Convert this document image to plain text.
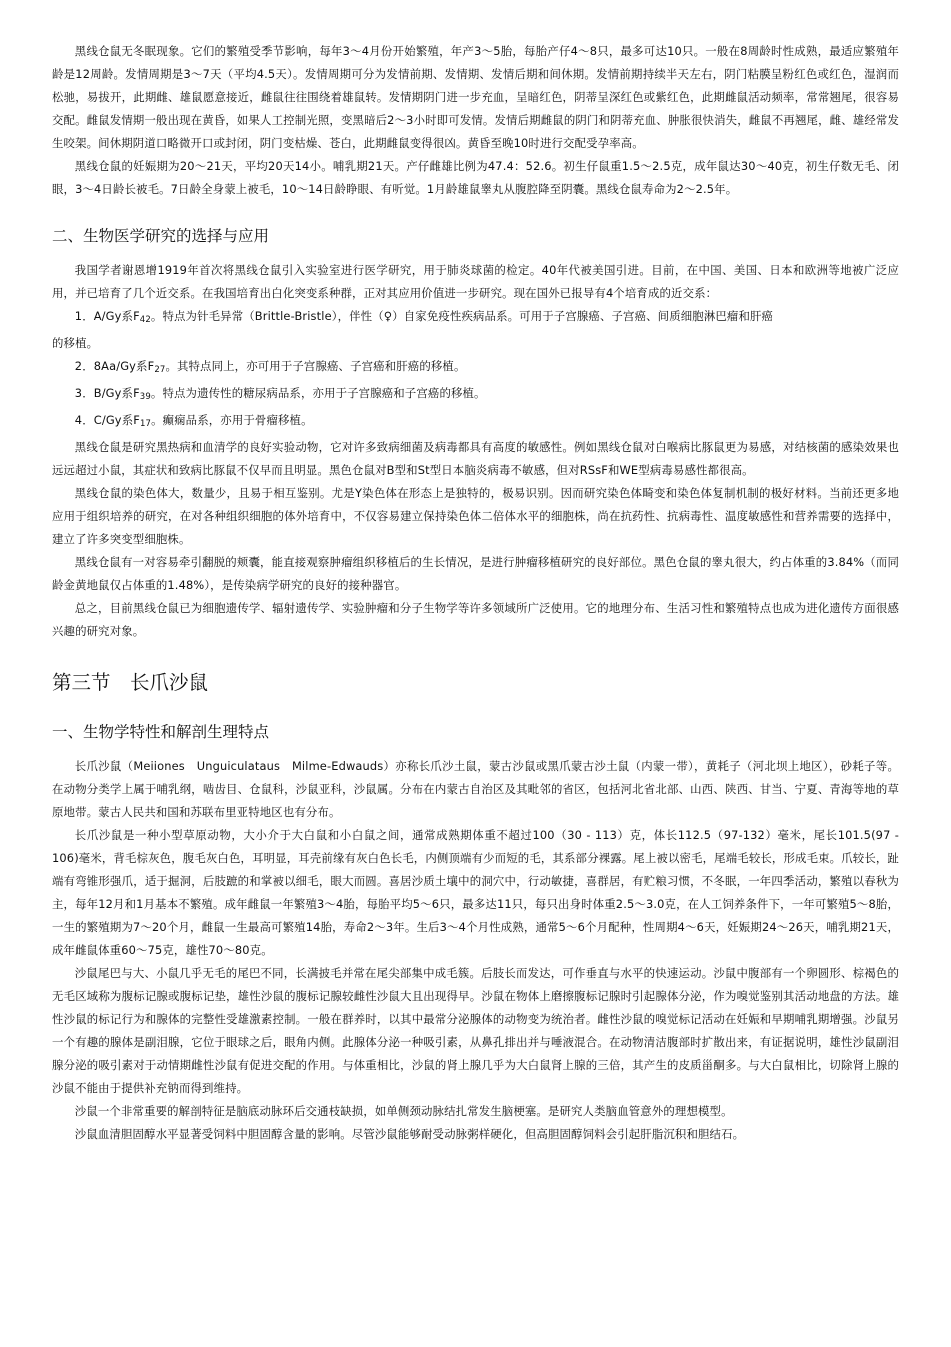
黑线仓鼠无冬眠现象。它们的繁殖受季节影响，每年3～4月份开始繁殖，年产3～5胎，每胎产仔4～8只，最多可达10只。一般在8周龄时性成熟，最适应繁殖年龄是12周龄。发情周期是3～7天（平均4.5天）。发情周期可分为发情前期、发情期、发情后期和间休期。发情前期持续半天左右，阴门粘膜呈粉红色或红色，湿润而松驰，易拔开，此期雌、雄鼠愿意接近，雌鼠往往围绕着雄鼠转。发情期阴门进一步充血，呈暗红色，阴蒂呈深红色或紫红色，此期雌鼠活动频率，常常翘尾，很容易交配。雌鼠发情期一般出现在黄昏，如果人工控制光照，变黑暗后2～3小时即可发情。发情后期雌鼠的阴门和阴蒂充血、肿胀很快消失，雌鼠不再翘尾，雌、雄经常发生咬架。间休期阴道口略微开口或封闭，阴门变枯燥、苍白，此期雌鼠变得很凶。黄昏至晚10时进行交配受孕率高。

黑线仓鼠的妊娠期为20～21天，平均20天14小。哺乳期21天。产仔雌雄比例为47.4：52.6。初生仔鼠重1.5～2.5克，成年鼠达30～40克，初生仔数无毛、闭眼，3～4日龄长被毛。7日龄全身蒙上被毛，10～14日龄睁眼、有听觉。1月龄雄鼠睾丸从腹腔降至阴囊。黑线仓鼠寿命为2～2.5年。

二、生物医学研究的选择与应用

我国学者谢恩增1919年首次将黑线仓鼠引入实验室进行医学研究，用于肺炎球菌的检定。40年代被美国引进。目前，在中国、美国、日本和欧洲等地被广泛应用，并已培育了几个近交系。在我国培育出白化突变系种群，正对其应用价值进一步研究。现在国外已报导有4个培育成的近交系：

1．A/Gy系$F_{42}$。特点为针毛异常（Brittle-Bristle），伴性（♀）自家免疫性疾病品系。可用于子宫腺癌、子宫癌、间质细胞淋巴瘤和肝癌

的移植。

2．8Aa/Gy系$F_{27}$。其特点同上，亦可用于子宫腺癌、子宫癌和肝癌的移植。

3．B/Gy系$F_{39}$。特点为遗传性的糖尿病品系，亦用于子宫腺癌和子宫癌的移植。

4．C/Gy系$F_{17}$。癫痫品系，亦用于骨瘤移植。

黑线仓鼠是研究黑热病和血清学的良好实验动物，它对许多致病细菌及病毒都具有高度的敏感性。例如黑线仓鼠对白喉病比豚鼠更为易感，对结核菌的感染效果也远远超过小鼠，其症状和致病比豚鼠不仅早而且明显。黑色仓鼠对B型和St型日本脑炎病毒不敏感，但对RSsF和WE型病毒易感性都很高。

黑线仓鼠的染色体大，数量少，且易于相互鉴别。尤是Y染色体在形态上是独特的，极易识别。因而研究染色体畸变和染色体复制机制的极好材料。当前还更多地应用于组织培养的研究，在对各种组织细胞的体外培育中，不仅容易建立保持染色体二倍体水平的细胞株，尚在抗药性、抗病毒性、温度敏感性和营养需要的选择中，建立了许多突变型细胞株。

黑线仓鼠有一对容易牵引翻脱的颊囊，能直接观察肿瘤组织移植后的生长情况，是进行肿瘤移植研究的良好部位。黑色仓鼠的睾丸很大，约占体重的3.84%（而同龄金黄地鼠仅占体重的1.48%），是传染病学研究的良好的接种器官。

总之，目前黑线仓鼠已为细胞遗传学、辐射遗传学、实验肿瘤和分子生物学等许多领域所广泛使用。它的地理分布、生活习性和繁殖特点也成为进化遗传方面很感兴趣的研究对象。

第三节　长爪沙鼠
一、生物学特性和解剖生理特点

长爪沙鼠（Meiiones　Unguiculataus　Milme-Edwauds）亦称长爪沙土鼠，蒙古沙鼠或黑爪蒙古沙土鼠（内蒙一带），黄耗子（河北坝上地区），砂耗子等。在动物分类学上属于哺乳纲，啮齿目、仓鼠科，沙鼠亚科，沙鼠属。分布在内蒙古自治区及其毗邻的省区，包括河北省北部、山西、陕西、甘当、宁夏、青海等地的草原地带。蒙古人民共和国和苏联布里亚特地区也有分布。

长爪沙鼠是一种小型草原动物，大小介于大白鼠和小白鼠之间，通常成熟期体重不超过100（30 - 113）克，体长112.5（97-132）毫米，尾长101.5(97 - 106)毫米，背毛棕灰色，腹毛灰白色，耳明显，耳壳前缘有灰白色长毛，内侧顶端有少而短的毛，其系部分裸露。尾上被以密毛，尾端毛较长，形成毛束。爪较长，趾端有弯锥形强爪，适于掘洞，后肢蹠的和掌被以细毛，眼大而圆。喜居沙质土壤中的洞穴中，行动敏捷，喜群居，有贮粮习惯，不冬眠，一年四季活动，繁殖以春秋为主，每年12月和1月基本不繁殖。成年雌鼠一年繁殖3～4胎，每胎平均5～6只，最多达11只，每只出身时体重2.5～3.0克，在人工饲养条件下，一年可繁殖5～8胎，一生的繁殖期为7～20个月，雌鼠一生最高可繁殖14胎，寿命2～3年。生后3～4个月性成熟，通常5～6个月配种，性周期4～6天，妊娠期24～26天，哺乳期21天，成年雌鼠体重60～75克，雄性70～80克。

沙鼠尾巴与大、小鼠几乎无毛的尾巴不同，长满披毛并常在尾尖部集中成毛簇。后肢长而发达，可作垂直与水平的快速运动。沙鼠中腹部有一个卵圆形、棕褐色的无毛区域称为腹标记腺或腹标记垫，雄性沙鼠的腹标记腺较雌性沙鼠大且出现得早。沙鼠在物体上磨擦腹标记腺时引起腺体分泌，作为嗅觉鉴别其活动地盘的方法。雄性沙鼠的标记行为和腺体的完整性受雄激素控制。一般在群养时，以其中最常分泌腺体的动物变为统治者。雌性沙鼠的嗅觉标记活动在妊娠和早期哺乳期增强。沙鼠另一个有趣的腺体是副泪腺，它位于眼球之后，眼角内侧。此腺体分泌一种吸引素，从鼻孔排出并与唾液混合。在动物清洁腹部时扩散出来，有证据说明，雄性沙鼠副泪腺分泌的吸引素对于动情期雌性沙鼠有促进交配的作用。与体重相比，沙鼠的肾上腺几乎为大白鼠肾上腺的三倍，其产生的皮质甾酮多。与大白鼠相比，切除肾上腺的沙鼠不能由于提供补充钠而得到维持。

沙鼠一个非常重要的解剖特征是脑底动脉环后交通枝缺损，如单侧颈动脉结扎常发生脑梗塞。是研究人类脑血管意外的理想模型。

沙鼠血清胆固醇水平显著受饲料中胆固醇含量的影响。尽管沙鼠能够耐受动脉粥样硬化，但高胆固醇饲料会引起肝脂沉积和胆结石。
